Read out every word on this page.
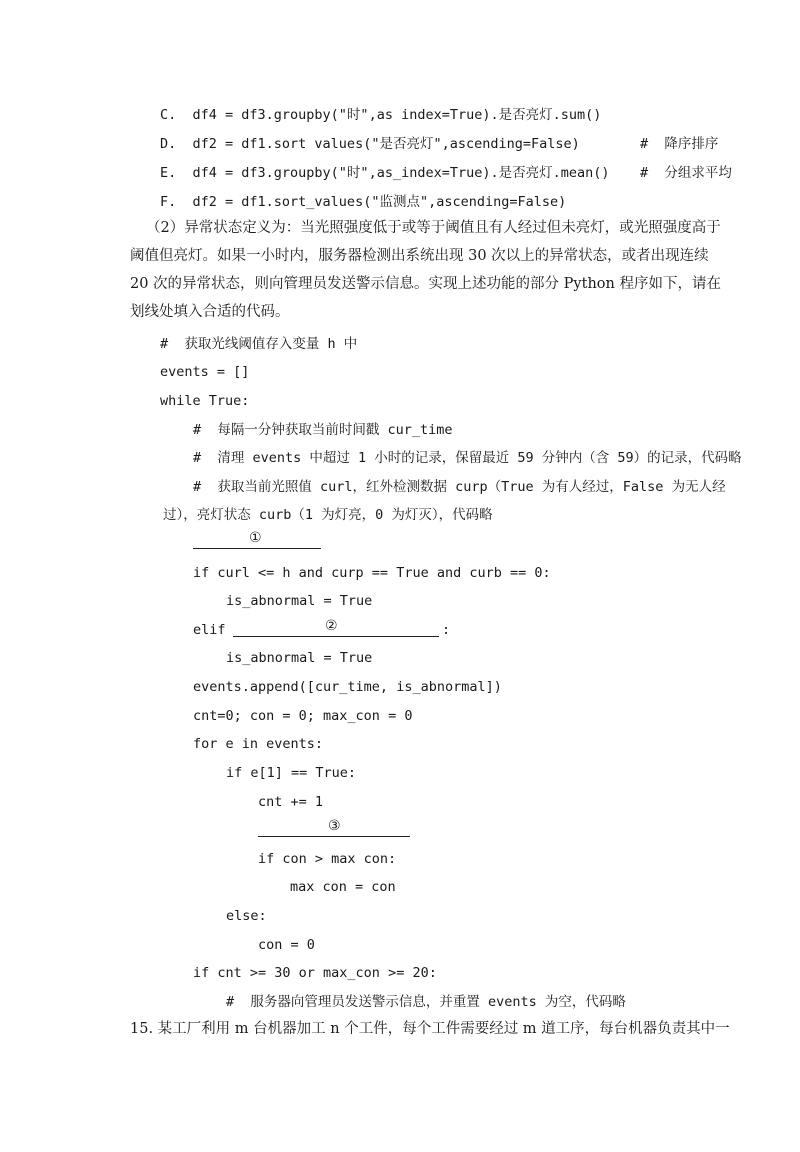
C.  df4 = df3.groupby("时",as index=True).是否亮灯.sum()
D.  df2 = df1.sort values("是否亮灯",ascending=False)	#  降序排序
E.  df4 = df3.groupby("时",as_index=True).是否亮灯.mean() #  分组求平均
F.  df2 = df1.sort_values("监测点",ascending=False)
（2）异常状态定义为：当光照强度低于或等于阈值且有人经过但未亮灯，或光照强度高于
阈值但亮灯。如果一小时内，服务器检测出系统出现 30 次以上的异常状态，或者出现连续
20 次的异常状态，则向管理员发送警示信息。实现上述功能的部分 Python 程序如下，请在
划线处填入合适的代码。
#  获取光线阈值存入变量 h 中
events = []
while True:
#  每隔一分钟获取当前时间戳 cur_time
#  清理 events 中超过 1 小时的记录，保留最近 59 分钟内（含 59）的记录，代码略
#  获取当前光照值 curl，红外检测数据 curp（True 为有人经过，False 为无人经
过），亮灯状态 curb（1 为灯亮，0 为灯灭），代码略
①
if curl <= h and curp == True and curb == 0:
is_abnormal = True
elif	②	:
is_abnormal = True
events.append([cur_time, is_abnormal])
cnt=0; con = 0; max_con = 0
for e in events:
if e[1] == True:
cnt += 1
③
if con > max con:
max con = con
else:
con = 0
if cnt >= 30 or max_con >= 20:
#  服务器向管理员发送警示信息，并重置 events 为空，代码略
15. 某工厂利用 m 台机器加工 n 个工件，每个工件需要经过 m 道工序，每台机器负责其中一
